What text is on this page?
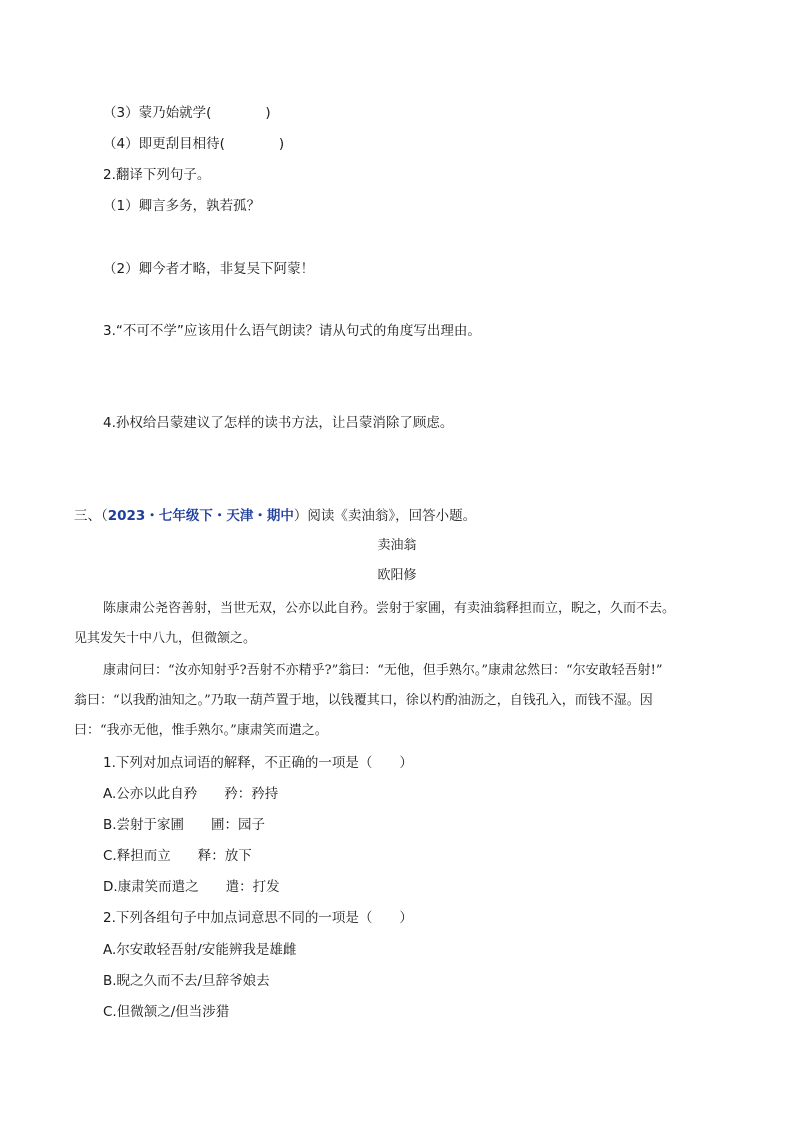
（3）蒙乃始就学(　　　　)
（4）即更刮目相待(　　　　)
2.翻译下列句子。
（1）卿言多务，孰若孤？
（2）卿今者才略，非复吴下阿蒙！
3.“不可不学”应该用什么语气朗读？请从句式的角度写出理由。
4.孙权给吕蒙建议了怎样的读书方法，让吕蒙消除了顾虑。
三、（2023・七年级下・天津・期中）阅读《卖油翁》，回答小题。
卖油翁
欧阳修
陈康肃公尧咨善射，当世无双，公亦以此自矜。尝射于家圃，有卖油翁释担而立，睨之，久而不去。
见其发矢十中八九，但微颔之。
康肃问曰：“汝亦知射乎?吾射不亦精乎?”翁曰：“无他，但手熟尔。”康肃忿然曰：“尔安敢轻吾射!”
翁曰：“以我酌油知之。”乃取一葫芦置于地，以钱覆其口，徐以杓酌油沥之，自钱孔入，而钱不湿。因
曰：“我亦无他，惟手熟尔。”康肃笑而遣之。
1.下列对加点词语的解释，不正确的一项是（　　）
A.公亦以此自矜　　矜：矜持
B.尝射于家圃　　圃：园子
C.释担而立　　释：放下
D.康肃笑而遣之　　遣：打发
2.下列各组句子中加点词意思不同的一项是（　　）
A.尔安敢轻吾射/安能辨我是雄雌
B.睨之久而不去/旦辞爷娘去
C.但微颔之/但当涉猎
